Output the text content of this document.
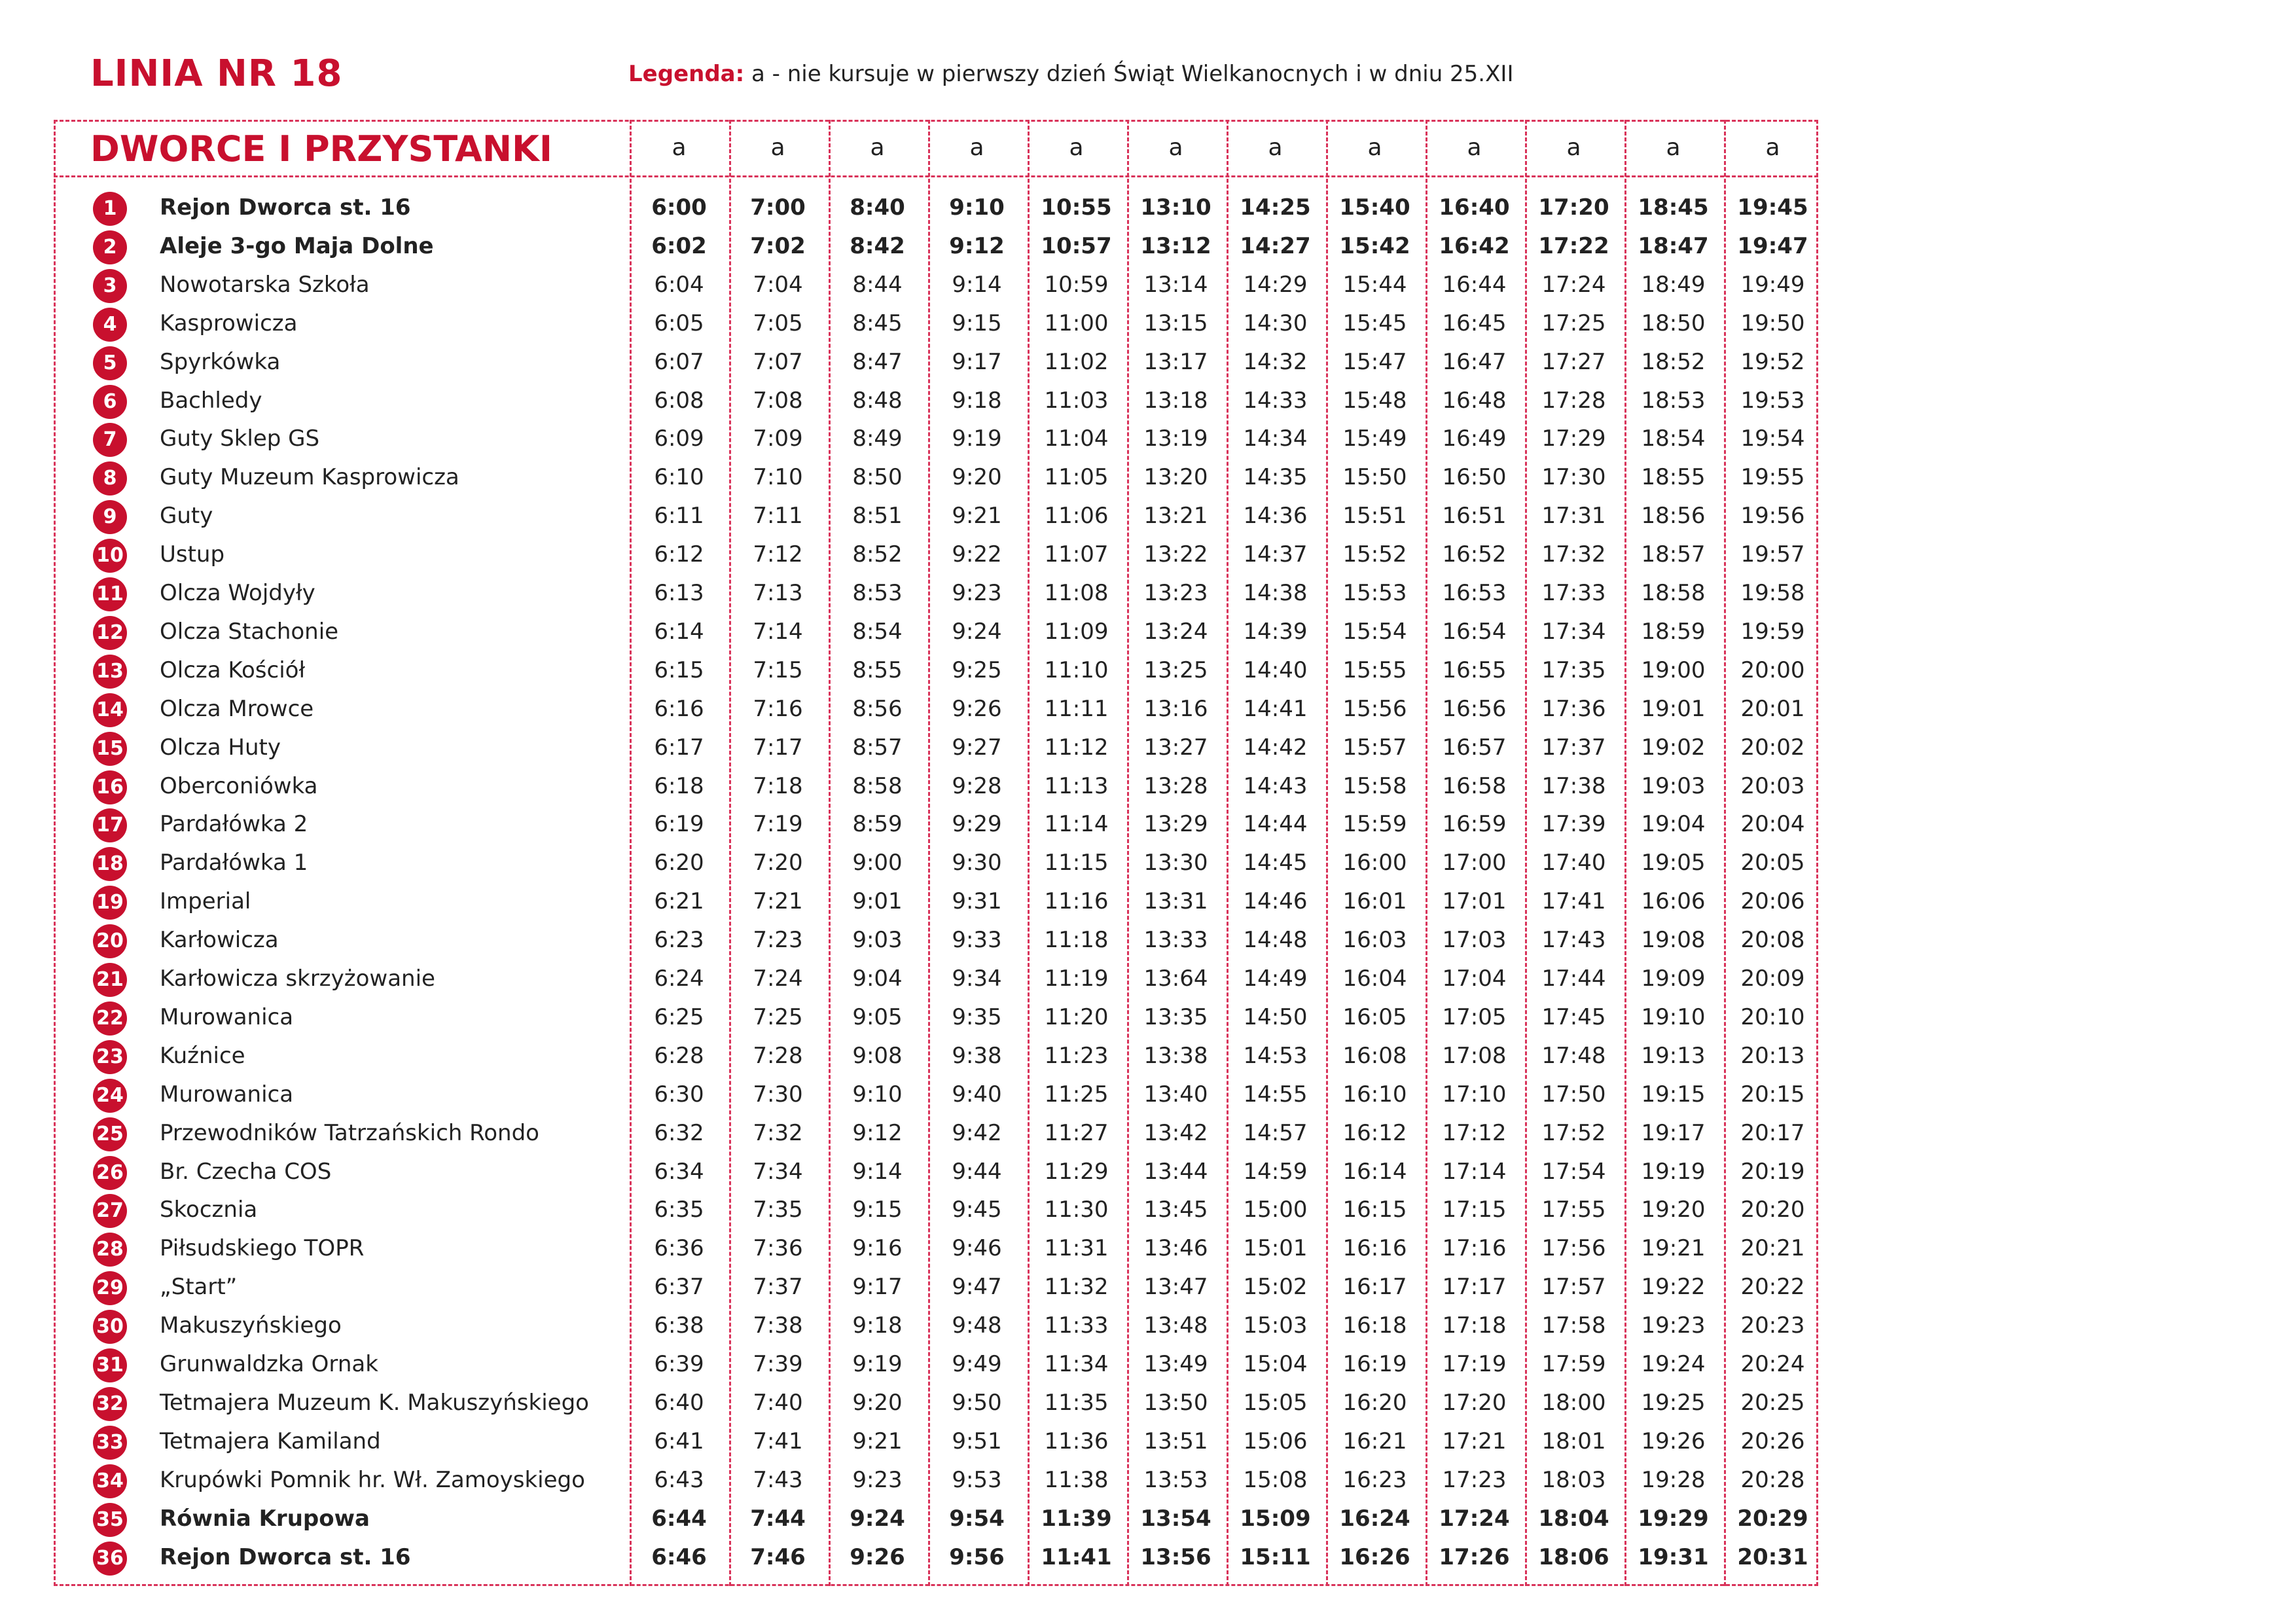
LINIA NR 18	Legenda: a - nie kursuje w pierwszy dzień Świąt Wielkanocnych i w dniu 25.XII
DWORCE I PRZYSTANKI	a	a	a	a	a	a	a	a	a	a	a	a
1	Rejon Dworca st. 16	6:00	7:00	8:40	9:10	10:55	13:10	14:25	15:40	16:40	17:20	18:45	19:45
2	Aleje 3-go Maja Dolne	6:02	7:02	8:42	9:12	10:57	13:12	14:27	15:42	16:42	17:22	18:47	19:47
3	Nowotarska Szkoła	6:04	7:04	8:44	9:14	10:59	13:14	14:29	15:44	16:44	17:24	18:49	19:49
4	Kasprowicza	6:05	7:05	8:45	9:15	11:00	13:15	14:30	15:45	16:45	17:25	18:50	19:50
5	Spyrkówka	6:07	7:07	8:47	9:17	11:02	13:17	14:32	15:47	16:47	17:27	18:52	19:52
6	Bachledy	6:08	7:08	8:48	9:18	11:03	13:18	14:33	15:48	16:48	17:28	18:53	19:53
7	Guty Sklep GS	6:09	7:09	8:49	9:19	11:04	13:19	14:34	15:49	16:49	17:29	18:54	19:54
8	Guty Muzeum Kasprowicza	6:10	7:10	8:50	9:20	11:05	13:20	14:35	15:50	16:50	17:30	18:55	19:55
9	Guty	6:11	7:11	8:51	9:21	11:06	13:21	14:36	15:51	16:51	17:31	18:56	19:56
10 Ustup	6:12	7:12	8:52	9:22	11:07	13:22	14:37	15:52	16:52	17:32	18:57	19:57
11 Olcza Wojdyły	6:13	7:13	8:53	9:23	11:08	13:23	14:38	15:53	16:53	17:33	18:58	19:58
12 Olcza Stachonie	6:14	7:14	8:54	9:24	11:09	13:24	14:39	15:54	16:54	17:34	18:59	19:59
13 Olcza Kościół	6:15	7:15	8:55	9:25	11:10	13:25	14:40	15:55	16:55	17:35	19:00	20:00
14 Olcza Mrowce	6:16	7:16	8:56	9:26	11:11	13:16	14:41	15:56	16:56	17:36	19:01	20:01
15 Olcza Huty	6:17	7:17	8:57	9:27	11:12	13:27	14:42	15:57	16:57	17:37	19:02	20:02
16 Oberconiówka	6:18	7:18	8:58	9:28	11:13	13:28	14:43	15:58	16:58	17:38	19:03	20:03
17 Pardałówka 2	6:19	7:19	8:59	9:29	11:14	13:29	14:44	15:59	16:59	17:39	19:04	20:04
18 Pardałówka 1	6:20	7:20	9:00	9:30	11:15	13:30	14:45	16:00	17:00	17:40	19:05	20:05
19 Imperial	6:21	7:21	9:01	9:31	11:16	13:31	14:46	16:01	17:01	17:41	16:06	20:06
20 Karłowicza	6:23	7:23	9:03	9:33	11:18	13:33	14:48	16:03	17:03	17:43	19:08	20:08
21 Karłowicza skrzyżowanie	6:24	7:24	9:04	9:34	11:19	13:64	14:49	16:04	17:04	17:44	19:09	20:09
22 Murowanica	6:25	7:25	9:05	9:35	11:20	13:35	14:50	16:05	17:05	17:45	19:10	20:10
23 Kuźnice	6:28	7:28	9:08	9:38	11:23	13:38	14:53	16:08	17:08	17:48	19:13	20:13
24 Murowanica	6:30	7:30	9:10	9:40	11:25	13:40	14:55	16:10	17:10	17:50	19:15	20:15
25 Przewodników Tatrzańskich Rondo	6:32	7:32	9:12	9:42	11:27	13:42	14:57	16:12	17:12	17:52	19:17	20:17
26 Br. Czecha COS	6:34	7:34	9:14	9:44	11:29	13:44	14:59	16:14	17:14	17:54	19:19	20:19
27 Skocznia	6:35	7:35	9:15	9:45	11:30	13:45	15:00	16:15	17:15	17:55	19:20	20:20
28 Piłsudskiego TOPR	6:36	7:36	9:16	9:46	11:31	13:46	15:01	16:16	17:16	17:56	19:21	20:21
29 „Start”	6:37	7:37	9:17	9:47	11:32	13:47	15:02	16:17	17:17	17:57	19:22	20:22
30 Makuszyńskiego	6:38	7:38	9:18	9:48	11:33	13:48	15:03	16:18	17:18	17:58	19:23	20:23
31 Grunwaldzka Ornak	6:39	7:39	9:19	9:49	11:34	13:49	15:04	16:19	17:19	17:59	19:24	20:24
32 Tetmajera Muzeum K. Makuszyńskiego	6:40	7:40	9:20	9:50	11:35	13:50	15:05	16:20	17:20	18:00	19:25	20:25
33 Tetmajera Kamiland	6:41	7:41	9:21	9:51	11:36	13:51	15:06	16:21	17:21	18:01	19:26	20:26
34 Krupówki Pomnik hr. Wł. Zamoyskiego	6:43	7:43	9:23	9:53	11:38	13:53	15:08	16:23	17:23	18:03	19:28	20:28
35 Równia Krupowa	6:44	7:44	9:24	9:54	11:39	13:54	15:09	16:24	17:24	18:04	19:29	20:29
36 Rejon Dworca st. 16	6:46	7:46	9:26	9:56	11:41	13:56	15:11	16:26	17:26	18:06	19:31	20:31
